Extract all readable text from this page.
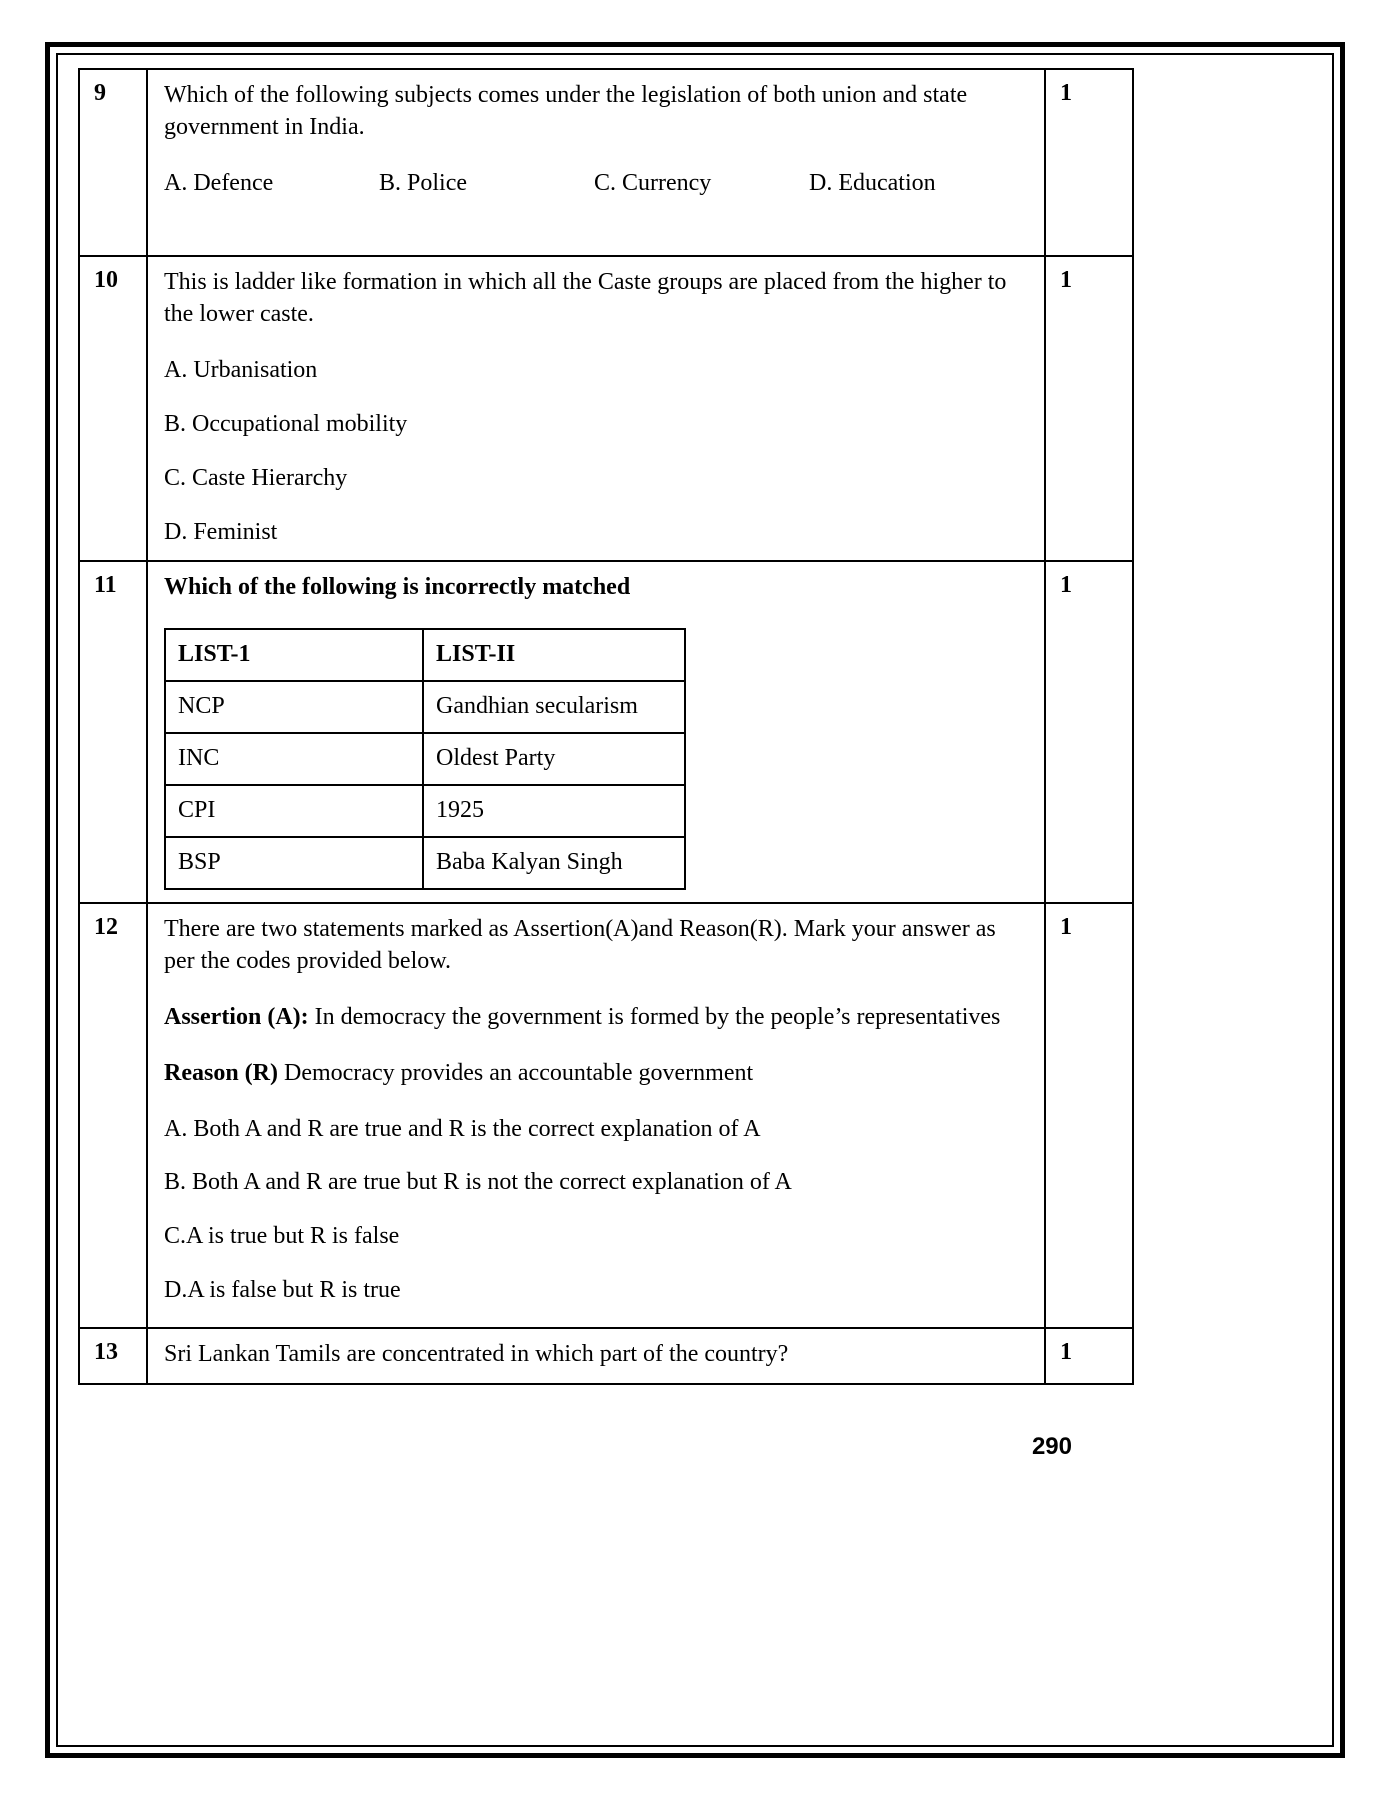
9	Which of the following subjects comes under the legislation of both union and state government in India.

A. Defence	B. Police	C. Currency	D. Education
1
10	This is ladder like formation in which all the Caste groups are placed from the higher to the lower caste.

A. Urbanisation

B. Occupational mobility

C. Caste Hierarchy

D. Feminist

1
11	Which of the following is incorrectly matched

LIST-1	LIST-II
NCP	Gandhian secularism
INC	Oldest Party
CPI	1925
BSP	Baba Kalyan Singh
1
12	There are two statements marked as Assertion(A)and Reason(R). Mark your answer as per the codes provided below.

Assertion (A): In democracy the government is formed by the people’s representatives

Reason (R) Democracy provides an accountable government

A. Both A and R are true and R is the correct explanation of A

B. Both A and R are true but R is not the correct explanation of A

C.A is true but R is false

D.A is false but R is true

1
13	Sri Lankan Tamils are concentrated in which part of the country?	1
290
